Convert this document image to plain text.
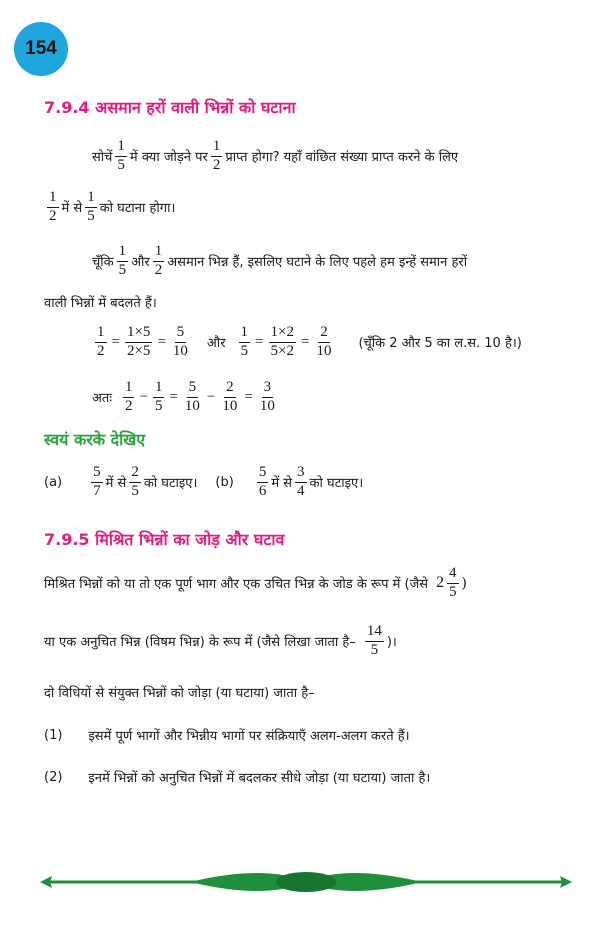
154
7.9.4 असमान हरों वाली भिन्नों को घटाना
सोचें $\frac{1}{5}$ में क्या जोड़ने पर $\frac{1}{2}$ प्राप्त होगा? यहाँ वांछित संख्या प्राप्त करने के लिए
$\frac{1}{2}$ में से $\frac{1}{5}$ को घटाना होगा।
चूँकि $\frac{1}{5}$ और $\frac{1}{2}$ असमान भिन्न हैं, इसलिए घटाने के लिए पहले हम इन्हें समान हरों
वाली भिन्नों में बदलते हैं।
$\frac{1}{2} = \frac{1\times 5}{2\times 5} = \frac{5}{10}$ और $\frac{1}{5} = \frac{1\times 2}{5\times 2} = \frac{2}{10}$ (चूँकि 2 और 5 का ल.स. 10 है।)
अतः $\frac{1}{2} - \frac{1}{5} = \frac{5}{10} - \frac{2}{10} = \frac{3}{10}$
स्वयं करके देखिए
$(a) \frac{5}{7}$ में से $\frac{2}{5}$ को घटाइए। $(b) \frac{5}{6}$ में से $\frac{3}{4}$ को घटाइए।
7.9.5 मिश्रित भिन्नों का जोड़ और घटाव
मिश्रित भिन्नों को या तो एक पूर्ण भाग और एक उचित भिन्न के जोड के रूप में (जैसे $2 \frac{4}{5}$ )
या एक अनुचित भिन्न (विषम भिन्न) के रूप में (जैसे लिखा जाता है– $\frac{14}{5}$ )।
दो विधियों से संयुक्त भिन्नों को जोड़ा (या घटाया) जाता है–
(1) इसमें पूर्ण भागों और भिन्नीय भागों पर संक्रियाएँ अलग-अलग करते हैं।
(2) इनमें भिन्नों को अनुचित भिन्नों में बदलकर सीधे जोड़ा (या घटाया) जाता है।
